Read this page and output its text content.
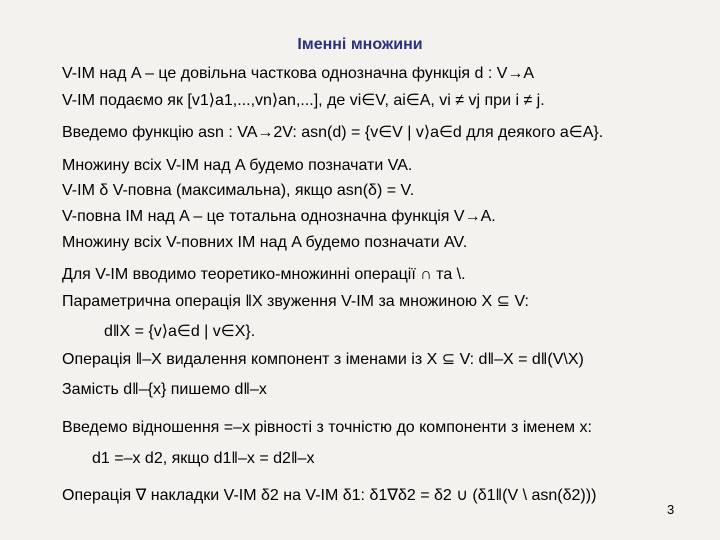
Іменні множини
V-ІМ над A – це довільна часткова однозначна функція d : V→A
V-ІМ подаємо як [v1⟩a1,...,vn⟩an,...], де vi∈V, ai∈A, vi ≠ vj при i ≠ j.
Введемо функцію asn : VA→2V: asn(d) = {v∈V | v⟩a∈d для деякого a∈A}.
Множину всіх V-ІМ над A будемо позначати VA.
V-ІМ δ V-повна (максимальна), якщо asn(δ) = V.
V-повна ІМ над A – це тотальна однозначна функція V→A.
Множину всіх V-повних ІМ над A будемо позначати AV.
Для V-ІМ вводимо теоретико-множинні операції ∩ та \.
Параметрична операція ‖X звуження V-ІМ за множиною X ⊆ V:
d‖X = {v⟩a∈d | v∈X}.
Операція ‖–X видалення компонент з іменами із X ⊆ V: d‖–X = d‖(V\X)
Замість d‖–{x} пишемо d‖–x
Введемо відношення =–x рівності з точністю до компоненти з іменем x:
d1 =–x d2, якщо d1‖–x = d2‖–x
Операція ∇ накладки V-ІМ δ2 на V-ІМ δ1: δ1∇δ2 = δ2 ∪ (δ1‖(V \ asn(δ2)))
3
